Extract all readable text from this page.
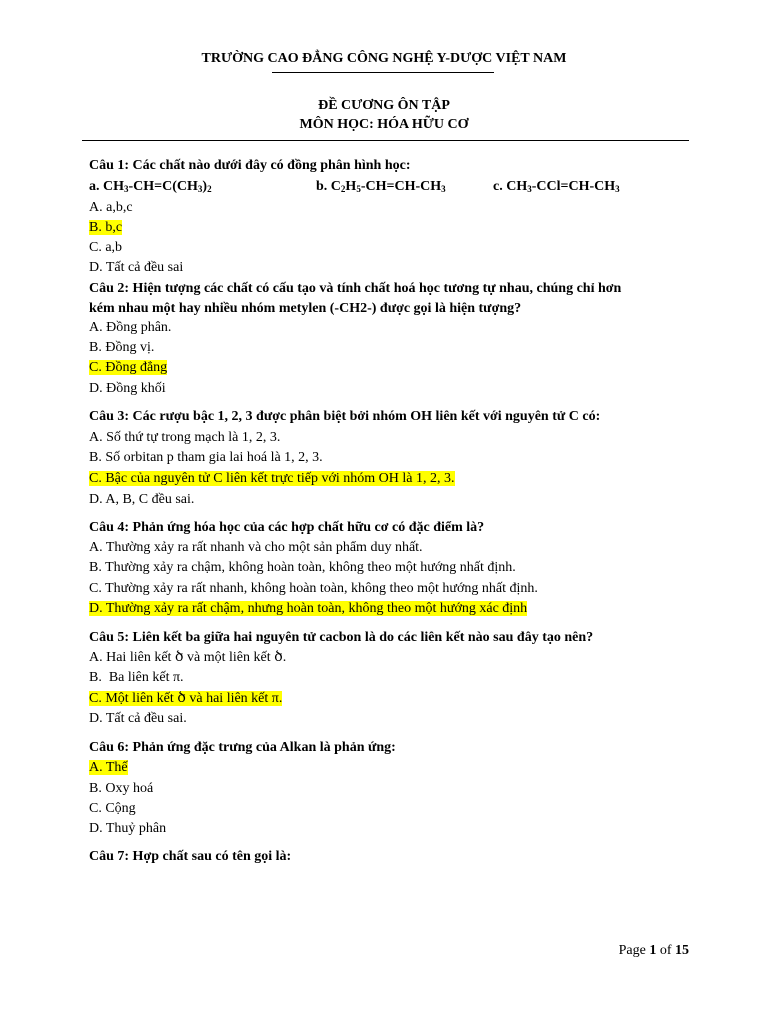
TRƯỜNG CAO ĐẲNG CÔNG NGHỆ Y-DƯỢC VIỆT NAM
ĐỀ CƯƠNG ÔN TẬP
MÔN HỌC: HÓA HỮU CƠ
Câu 1: Các chất nào dưới đây có đồng phân hình học:
a. $CH_3-CH=C(CH_3)_2$	b. $C_2H_5-CH=CH-CH_3$	c. $CH_3-CCl=CH-CH_3$
A. a,b,c
B. b,c
C. a,b
D. Tất cả đều sai
Câu 2: Hiện tượng các chất có cấu tạo và tính chất hoá học tương tự nhau, chúng chỉ hơn
kém nhau một hay nhiều nhóm metylen (-CH2-) được gọi là hiện tượng?
A. Đồng phân.
B. Đồng vị.
C. Đồng đẳng
D. Đồng khối
Câu 3: Các rượu bậc 1, 2, 3 được phân biệt bởi nhóm OH liên kết với nguyên tử C có:
A. Số thứ tự trong mạch là 1, 2, 3.
B. Số orbitan p tham gia lai hoá là 1, 2, 3.
C. Bậc của nguyên tử C liên kết trực tiếp với nhóm OH là 1, 2, 3.
D. A, B, C đều sai.
Câu 4: Phản ứng hóa học của các hợp chất hữu cơ có đặc điểm là?
A. Thường xảy ra rất nhanh và cho một sản phẩm duy nhất.
B. Thường xảy ra chậm, không hoàn toàn, không theo một hướng nhất định.
C. Thường xảy ra rất nhanh, không hoàn toàn, không theo một hướng nhất định.
D. Thường xảy ra rất chậm, nhưng hoàn toàn, không theo một hướng xác định
Câu 5: Liên kết ba giữa hai nguyên tử cacbon là do các liên kết nào sau đây tạo nên?
A. Hai liên kết ծ và một liên kết ծ.
B.  Ba liên kết π.
C. Một liên kết ծ và hai liên kết π.
D. Tất cả đều sai.
Câu 6: Phản ứng đặc trưng của Alkan là phản ứng:
A. Thế
B. Oxy hoá
C. Cộng
D. Thuỷ phân
Câu 7: Hợp chất sau có tên gọi là:
Page 1 of 15
